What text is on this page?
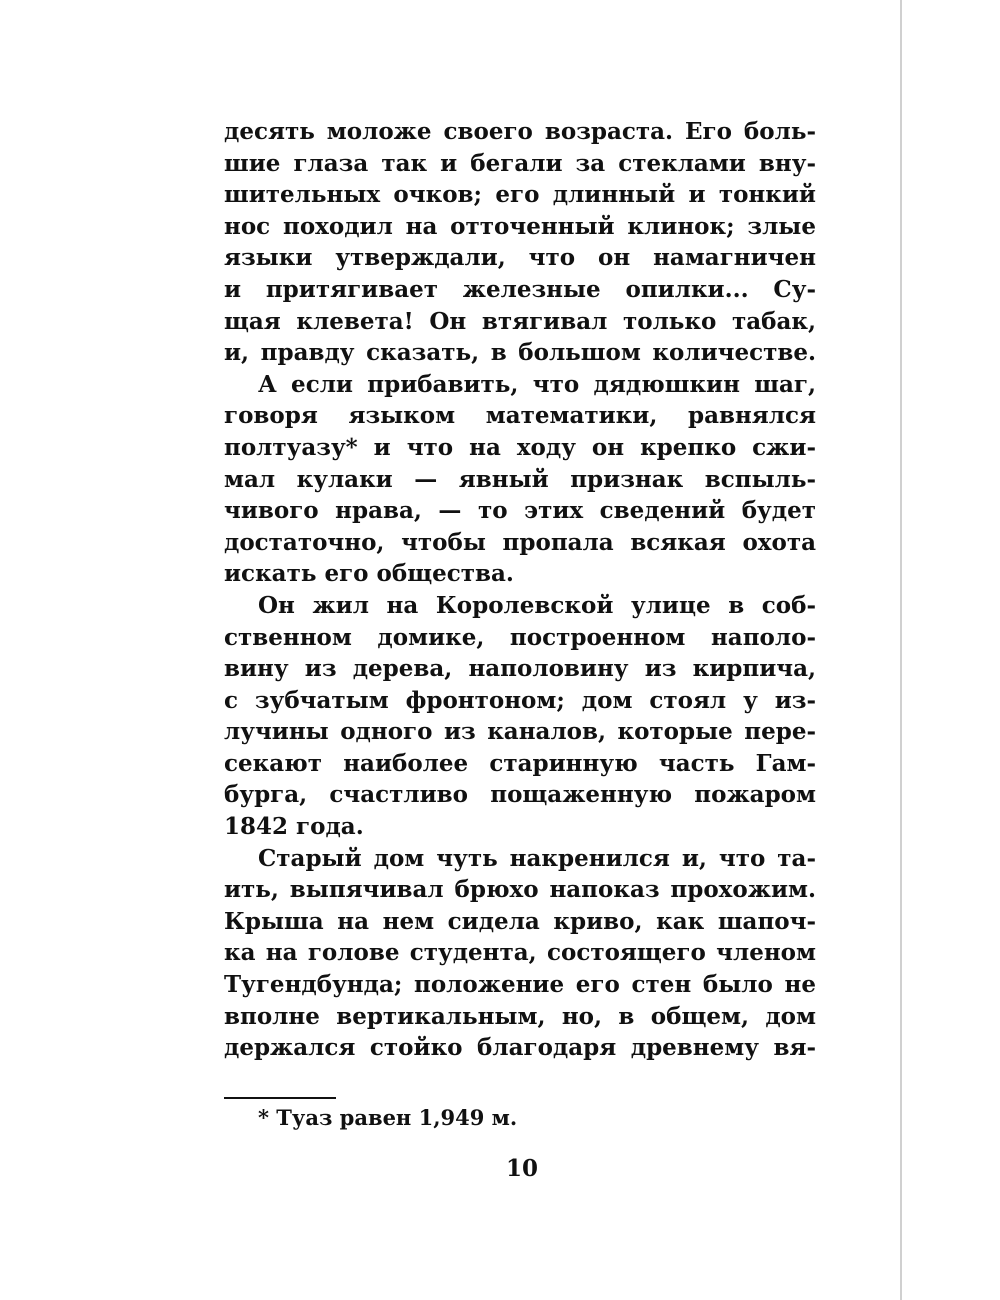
десять моложе своего возраста. Его боль-
шие глаза так и бегали за стеклами вну-
шительных очков; его длинный и тонкий
нос походил на отточенный клинок; злые
языки утверждали, что он намагничен
и притягивает железные опилки... Су-
щая клевета! Он втягивал только табак,
и, правду сказать, в большом количестве.
А если прибавить, что дядюшкин шаг,
говоря языком математики, равнялся
полтуазу* и что на ходу он крепко сжи-
мал кулаки — явный признак вспыль-
чивого нрава, — то этих сведений будет
достаточно, чтобы пропала всякая охота
искать его общества.
Он жил на Королевской улице в соб-
ственном домике, построенном наполо-
вину из дерева, наполовину из кирпича,
с зубчатым фронтоном; дом стоял у из-
лучины одного из каналов, которые пере-
секают наиболее старинную часть Гам-
бурга, счастливо пощаженную пожаром
1842 года.
Старый дом чуть накренился и, что та-
ить, выпячивал брюхо напоказ прохожим.
Крыша на нем сидела криво, как шапоч-
ка на голове студента, состоящего членом
Тугендбунда; положение его стен было не
вполне вертикальным, но, в общем, дом
держался стойко благодаря древнему вя-
* Туаз равен 1,949 м.
10
